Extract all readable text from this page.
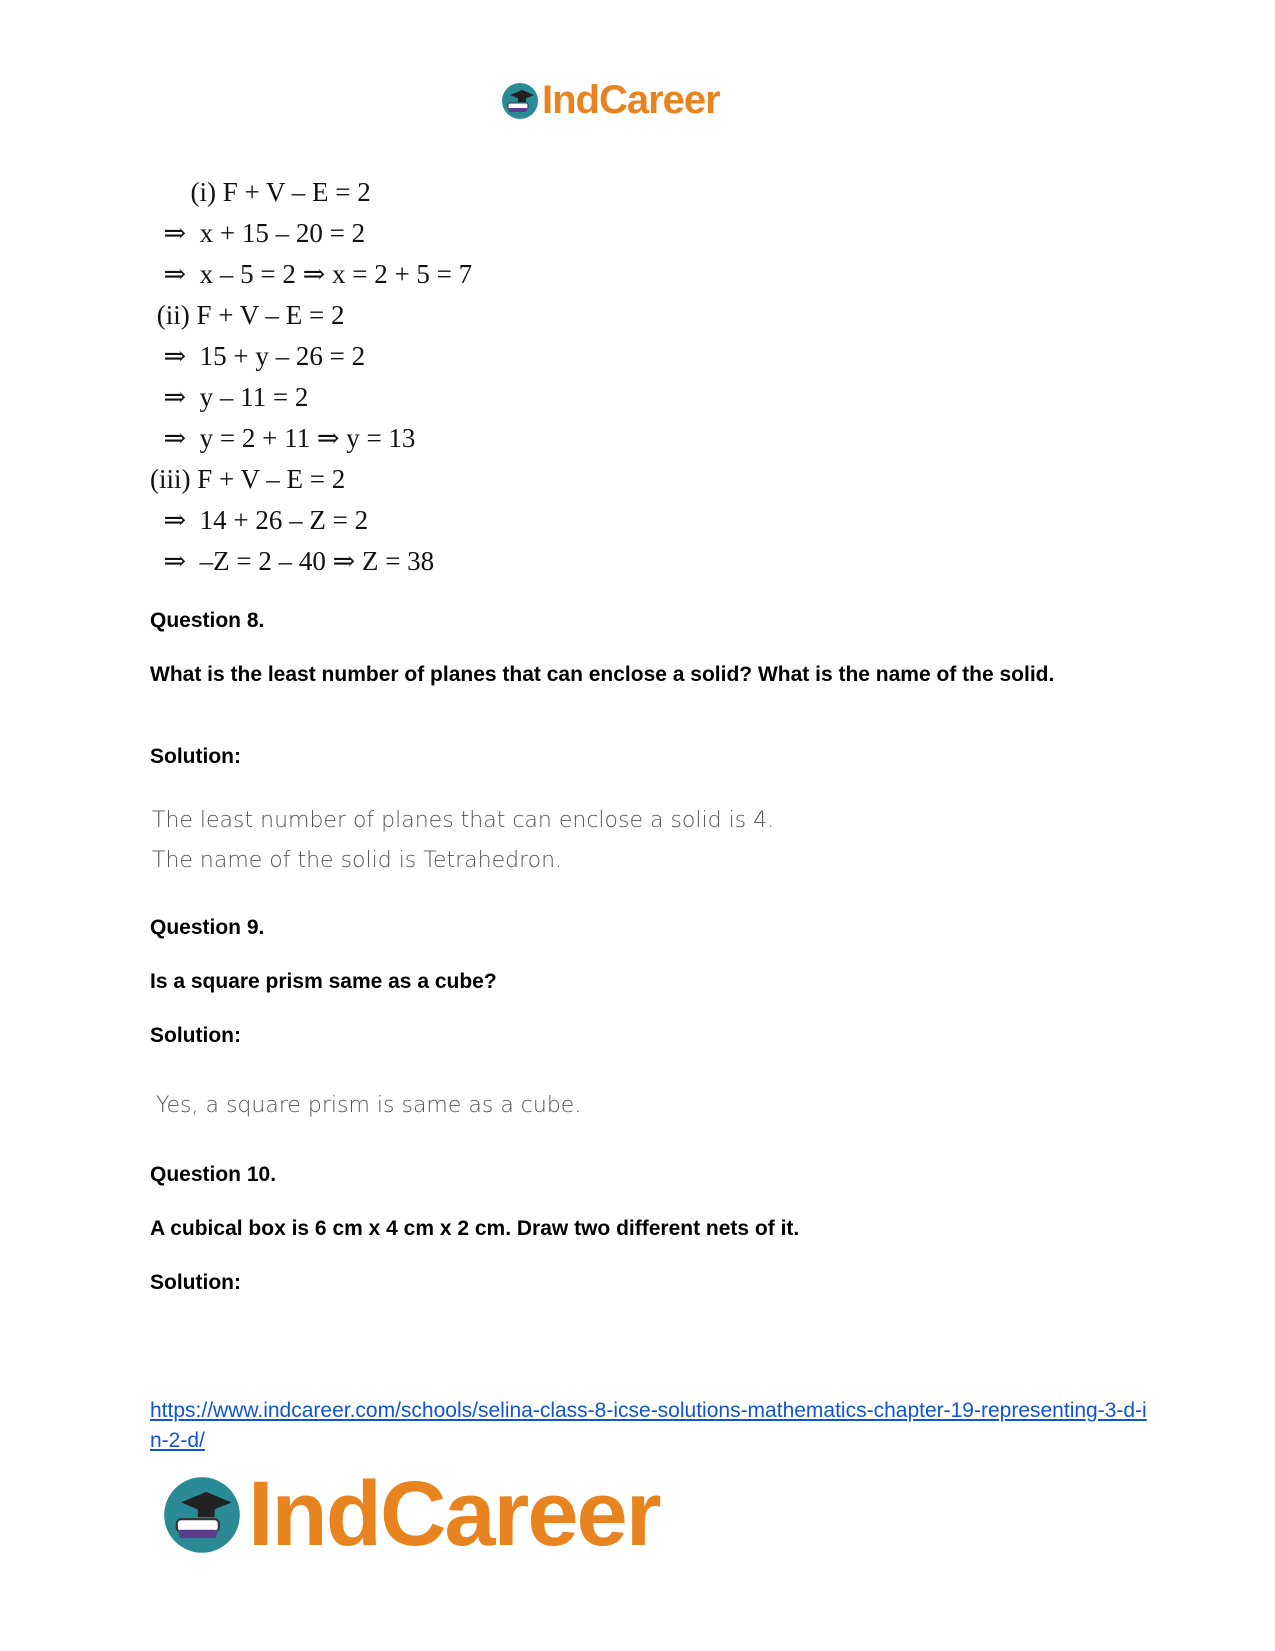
IndCareer
(i) F + V – E = 2
⇒  x + 15 – 20 = 2
⇒  x – 5 = 2 ⇒ x = 2 + 5 = 7
(ii) F + V – E = 2
⇒  15 + y – 26 = 2
⇒  y – 11 = 2
⇒  y = 2 + 11 ⇒ y = 13
(iii) F + V – E = 2
⇒  14 + 26 – Z = 2
⇒  –Z = 2 – 40 ⇒ Z = 38
Question 8.
What is the least number of planes that can enclose a solid? What is the name of the solid.
Solution:
The least number of planes that can enclose a solid is 4.
The name of the solid is Tetrahedron.
Question 9.
Is a square prism same as a cube?
Solution:
Yes, a square prism is same as a cube.
Question 10.
A cubical box is 6 cm x 4 cm x 2 cm. Draw two different nets of it.
Solution:
https://www.indcareer.com/schools/selina-class-8-icse-solutions-mathematics-chapter-19-representing-3-d-in-2-d/
IndCareer
